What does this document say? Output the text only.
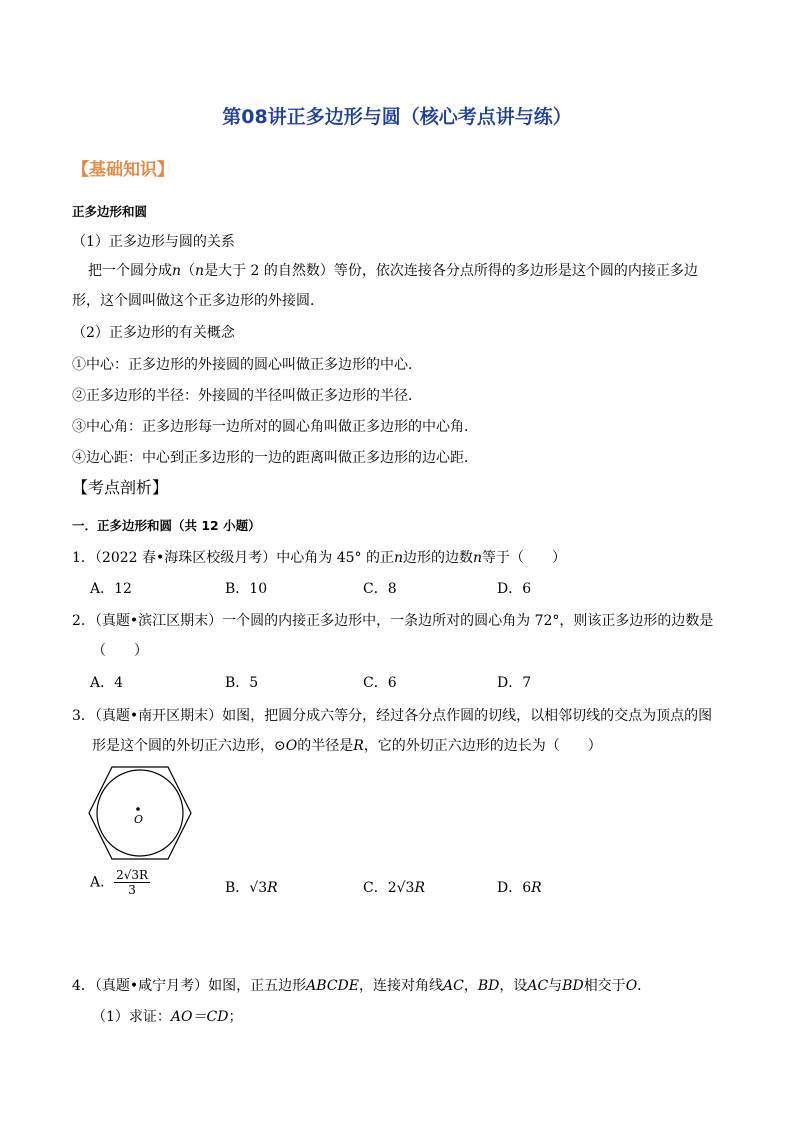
第08讲正多边形与圆（核心考点讲与练）
【基础知识】
正多边形和圆
（1）正多边形与圆的关系
把一个圆分成n（n是大于 2 的自然数）等份，依次连接各分点所得的多边形是这个圆的内接正多边
形，这个圆叫做这个正多边形的外接圆．
（2）正多边形的有关概念
①中心：正多边形的外接圆的圆心叫做正多边形的中心．
②正多边形的半径：外接圆的半径叫做正多边形的半径．
③中心角：正多边形每一边所对的圆心角叫做正多边形的中心角．
④边心距：中心到正多边形的一边的距离叫做正多边形的边心距．
【考点剖析】
一．正多边形和圆（共 12 小题）
1．（2022 春•海珠区校级月考）中心角为 45° 的正n边形的边数n等于（　　）
A．12	B．10	C．8	D．6
2．（真题•滨江区期末）一个圆的内接正多边形中，一条边所对的圆心角为 72°，则该正多边形的边数是
（　　）
A．4	B．5	C．6	D．7
3．（真题•南开区期末）如图，把圆分成六等分，经过各分点作圆的切线，以相邻切线的交点为顶点的图
形是这个圆的外切正六边形，⊙O的半径是R，它的外切正六边形的边长为（　　）
O
A． $\frac{2√3R}{3}$	B．√3R	C．2√3R	D．6R
4．（真题•咸宁月考）如图，正五边形ABCDE，连接对角线AC，BD，设AC与BD相交于O．
（1）求证：AO＝CD；
